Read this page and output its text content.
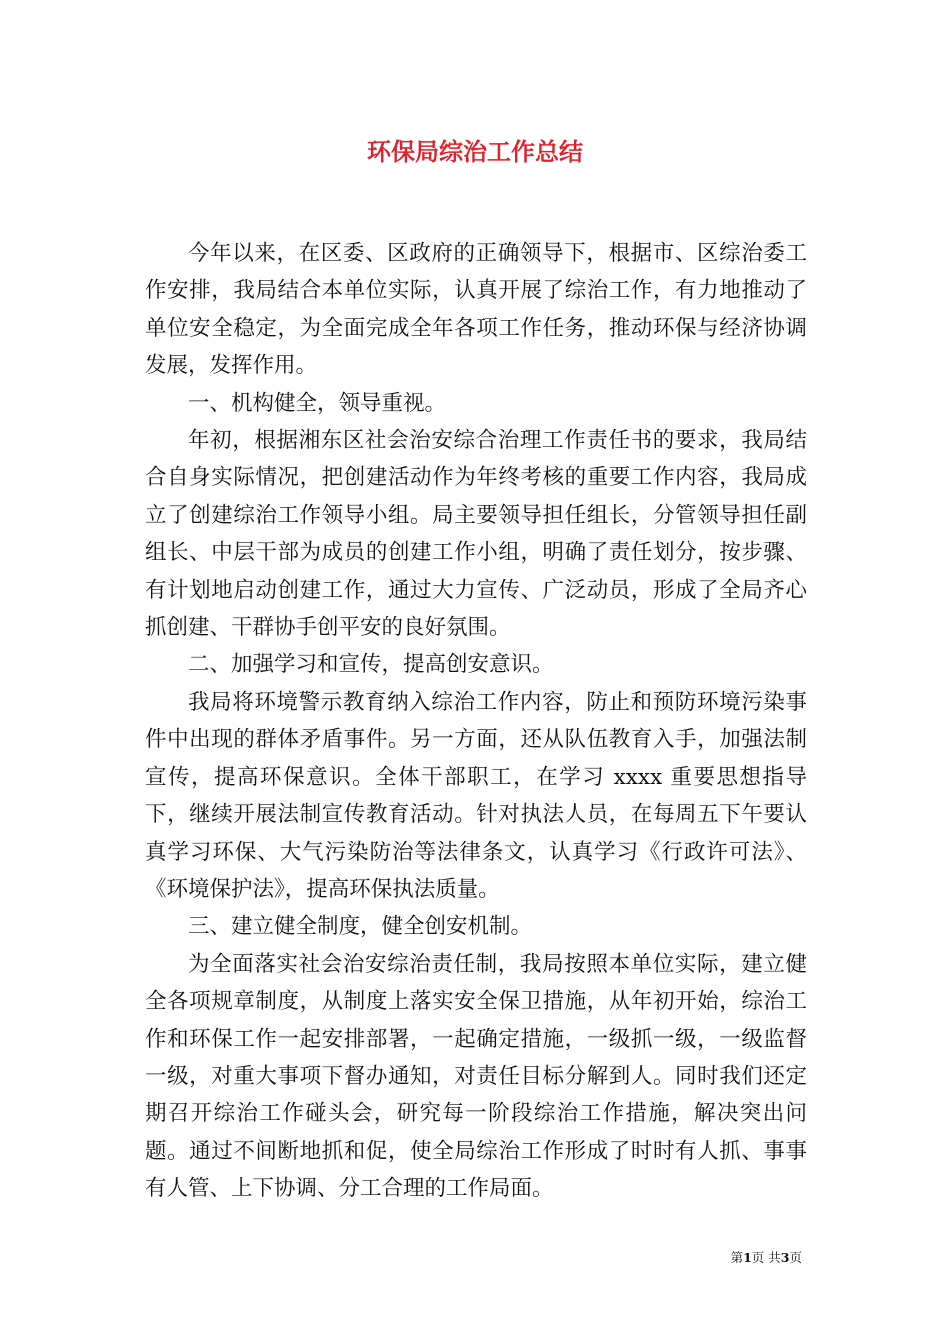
环保局综治工作总结

今年以来，在区委、区政府的正确领导下，根据市、区综治委工作安排，我局结合本单位实际，认真开展了综治工作，有力地推动了单位安全稳定，为全面完成全年各项工作任务，推动环保与经济协调发展，发挥作用。

一、机构健全，领导重视。

年初，根据湘东区社会治安综合治理工作责任书的要求，我局结合自身实际情况，把创建活动作为年终考核的重要工作内容，我局成立了创建综治工作领导小组。局主要领导担任组长，分管领导担任副组长、中层干部为成员的创建工作小组，明确了责任划分，按步骤、有计划地启动创建工作，通过大力宣传、广泛动员，形成了全局齐心抓创建、干群协手创平安的良好氛围。

二、加强学习和宣传，提高创安意识。

我局将环境警示教育纳入综治工作内容，防止和预防环境污染事件中出现的群体矛盾事件。另一方面，还从队伍教育入手，加强法制宣传，提高环保意识。全体干部职工，在学习 xxxx 重要思想指导下，继续开展法制宣传教育活动。针对执法人员，在每周五下午要认真学习环保、大气污染防治等法律条文，认真学习《行政许可法》、《环境保护法》，提高环保执法质量。

三、建立健全制度，健全创安机制。

为全面落实社会治安综治责任制，我局按照本单位实际，建立健全各项规章制度，从制度上落实安全保卫措施，从年初开始，综治工作和环保工作一起安排部署，一起确定措施，一级抓一级，一级监督一级，对重大事项下督办通知，对责任目标分解到人。同时我们还定期召开综治工作碰头会，研究每一阶段综治工作措施，解决突出问题。通过不间断地抓和促，使全局综治工作形成了时时有人抓、事事有人管、上下协调、分工合理的工作局面。

第1页 共3页
